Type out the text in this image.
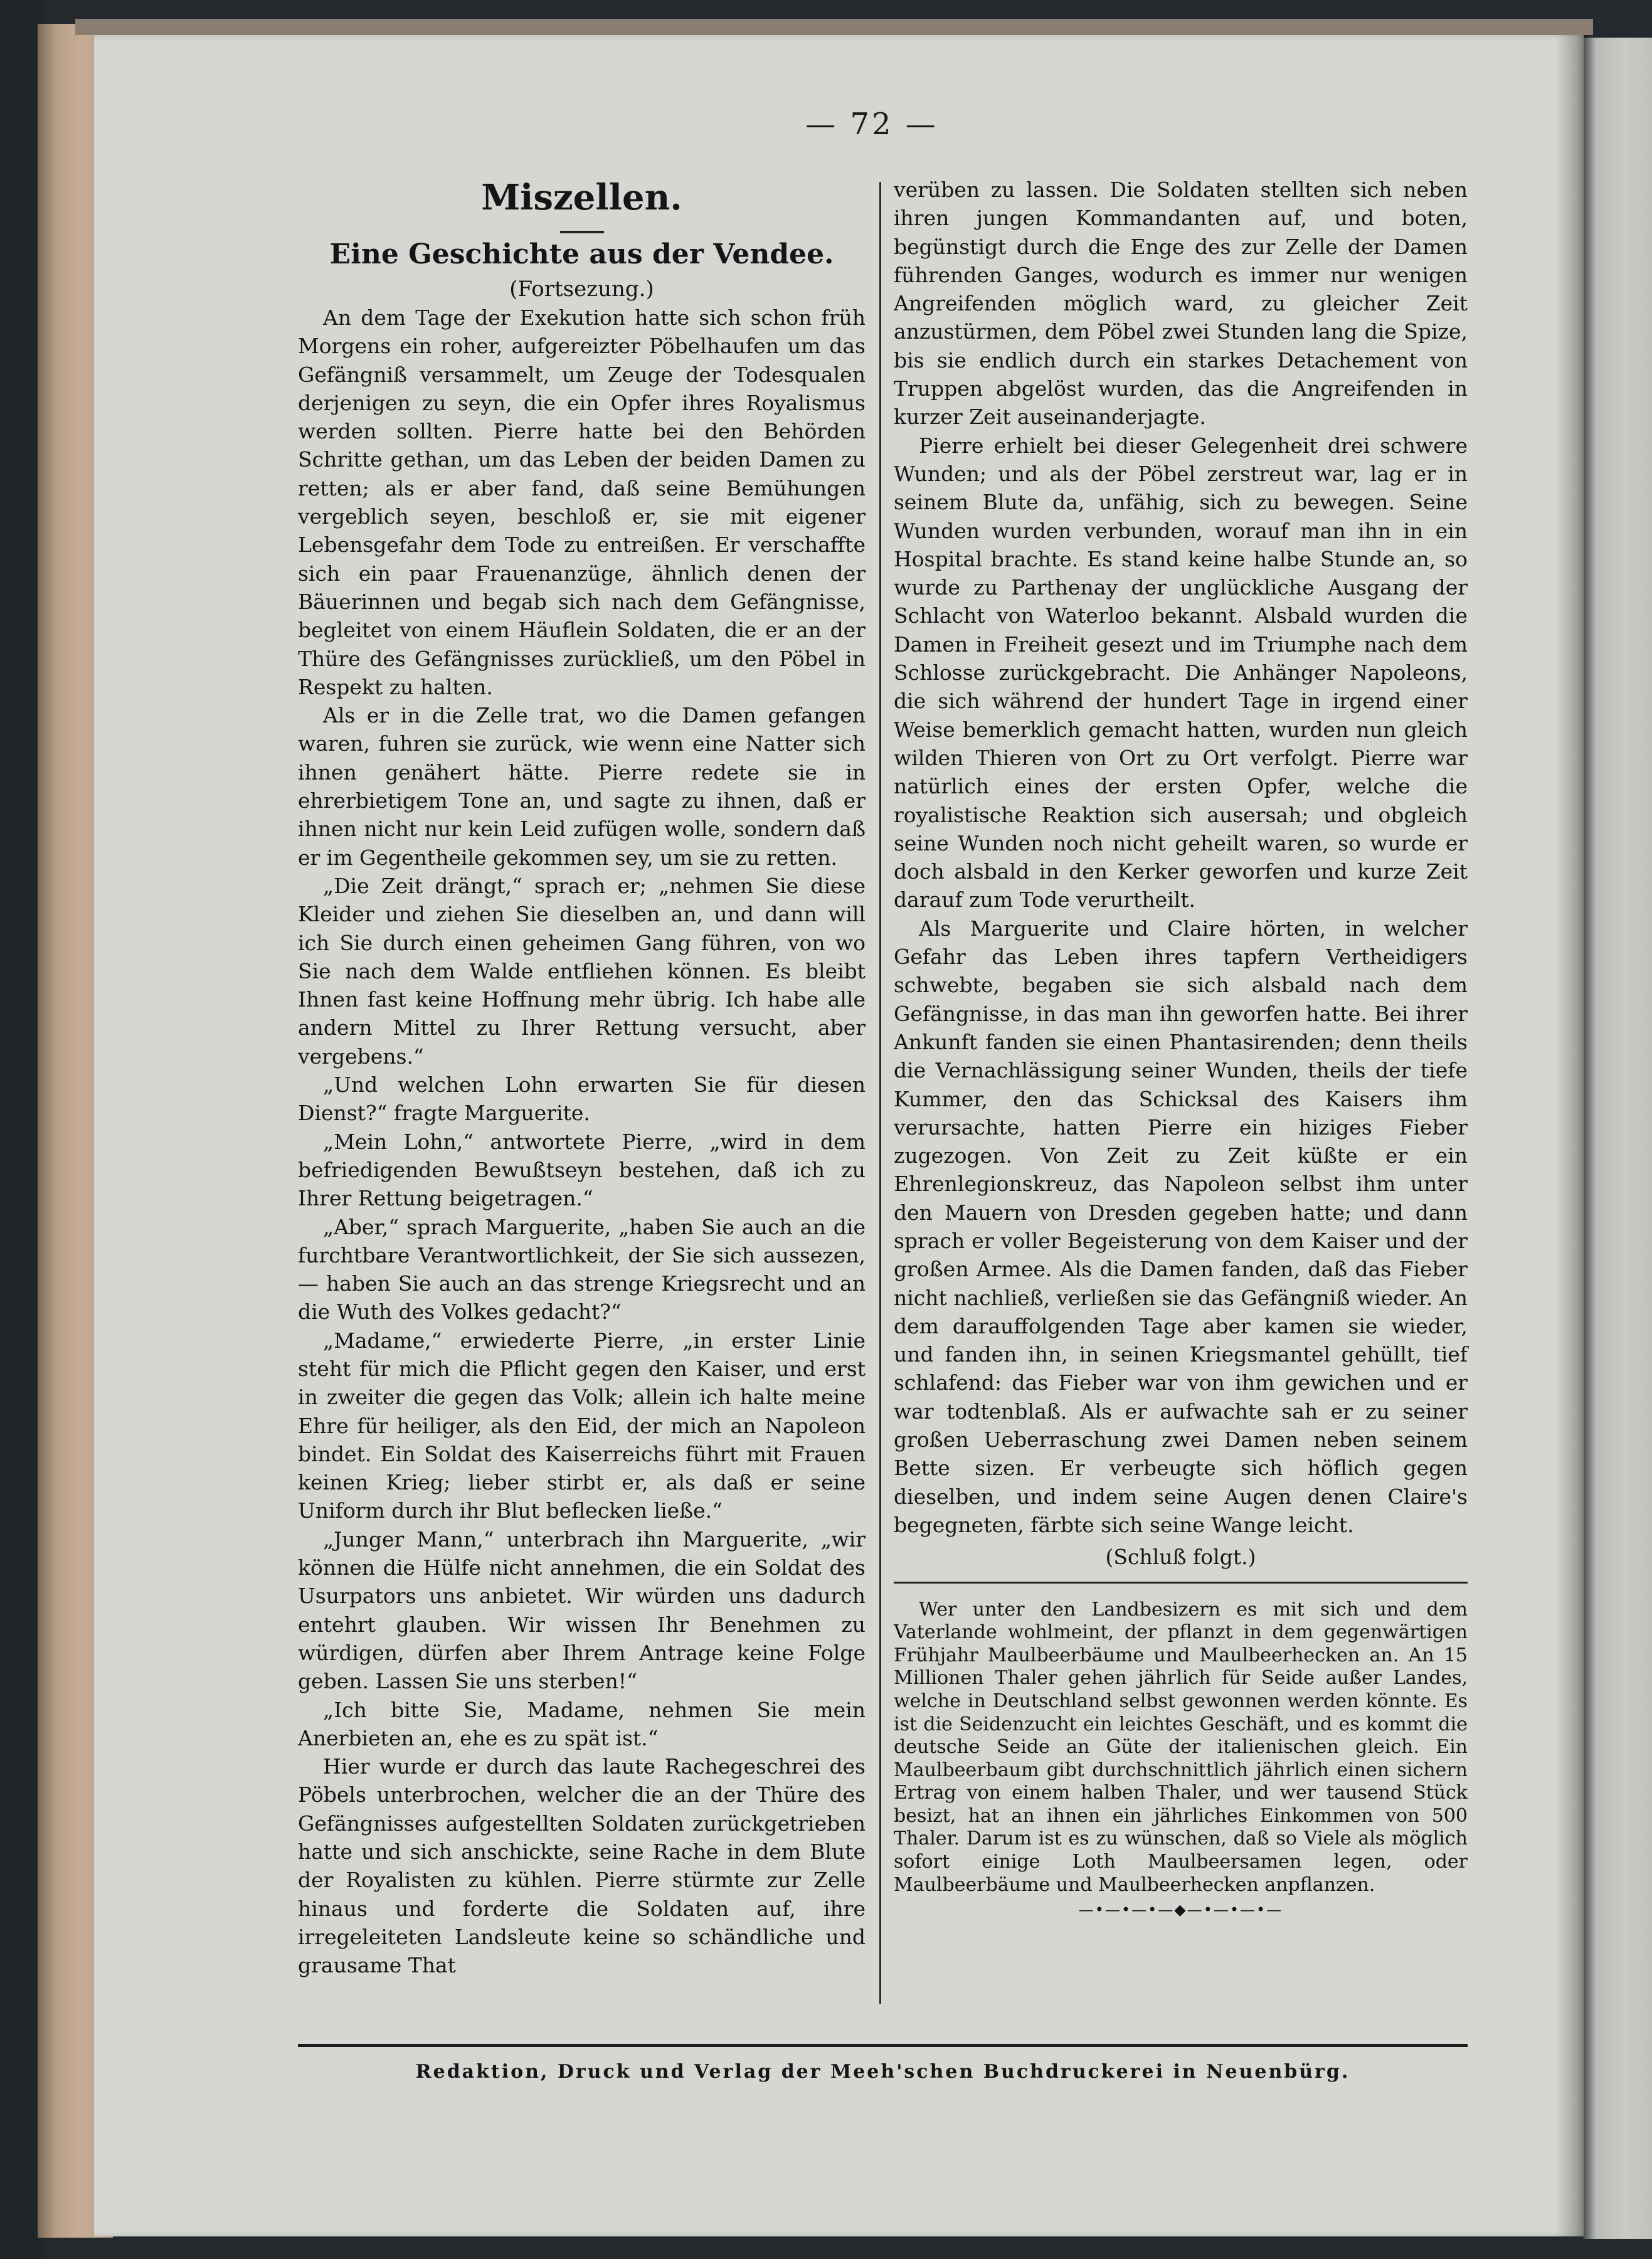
— 72 —
Miszellen.
Eine Geschichte aus der Vendee.
(Fortsezung.)

An dem Tage der Exekution hatte sich schon früh Morgens ein roher, aufgereizter Pöbelhaufen um das Gefängniß versammelt, um Zeuge der Todesqualen derjenigen zu seyn, die ein Opfer ihres Royalismus werden sollten. Pierre hatte bei den Behörden Schritte gethan, um das Leben der beiden Damen zu retten; als er aber fand, daß seine Bemühungen vergeblich seyen, beschloß er, sie mit eigener Lebensgefahr dem Tode zu entreißen. Er verschaffte sich ein paar Frauenanzüge, ähnlich denen der Bäuerinnen und begab sich nach dem Gefängnisse, begleitet von einem Häuflein Soldaten, die er an der Thüre des Gefängnisses zurückließ, um den Pöbel in Respekt zu halten.

Als er in die Zelle trat, wo die Damen gefangen waren, fuhren sie zurück, wie wenn eine Natter sich ihnen genähert hätte. Pierre redete sie in ehrerbietigem Tone an, und sagte zu ihnen, daß er ihnen nicht nur kein Leid zufügen wolle, sondern daß er im Gegentheile gekommen sey, um sie zu retten.

„Die Zeit drängt,“ sprach er; „nehmen Sie diese Kleider und ziehen Sie dieselben an, und dann will ich Sie durch einen geheimen Gang führen, von wo Sie nach dem Walde entfliehen können. Es bleibt Ihnen fast keine Hoffnung mehr übrig. Ich habe alle andern Mittel zu Ihrer Rettung versucht, aber vergebens.“

„Und welchen Lohn erwarten Sie für diesen Dienst?“ fragte Marguerite.

„Mein Lohn,“ antwortete Pierre, „wird in dem befriedigenden Bewußtseyn bestehen, daß ich zu Ihrer Rettung beigetragen.“

„Aber,“ sprach Marguerite, „haben Sie auch an die furchtbare Verantwortlichkeit, der Sie sich aussezen, — haben Sie auch an das strenge Kriegsrecht und an die Wuth des Volkes gedacht?“

„Madame,“ erwiederte Pierre, „in erster Linie steht für mich die Pflicht gegen den Kaiser, und erst in zweiter die gegen das Volk; allein ich halte meine Ehre für heiliger, als den Eid, der mich an Napoleon bindet. Ein Soldat des Kaiserreichs führt mit Frauen keinen Krieg; lieber stirbt er, als daß er seine Uniform durch ihr Blut beflecken ließe.“

„Junger Mann,“ unterbrach ihn Marguerite, „wir können die Hülfe nicht annehmen, die ein Soldat des Usurpators uns anbietet. Wir würden uns dadurch entehrt glauben. Wir wissen Ihr Benehmen zu würdigen, dürfen aber Ihrem Antrage keine Folge geben. Lassen Sie uns sterben!“

„Ich bitte Sie, Madame, nehmen Sie mein Anerbieten an, ehe es zu spät ist.“

Hier wurde er durch das laute Rachegeschrei des Pöbels unterbrochen, welcher die an der Thüre des Gefängnisses aufgestellten Soldaten zurückgetrieben hatte und sich anschickte, seine Rache in dem Blute der Royalisten zu kühlen. Pierre stürmte zur Zelle hinaus und forderte die Soldaten auf, ihre irregeleiteten Landsleute keine so schändliche und grausame That

verüben zu lassen. Die Soldaten stellten sich neben ihren jungen Kommandanten auf, und boten, begünstigt durch die Enge des zur Zelle der Damen führenden Ganges, wodurch es immer nur wenigen Angreifenden möglich ward, zu gleicher Zeit anzustürmen, dem Pöbel zwei Stunden lang die Spize, bis sie endlich durch ein starkes Detachement von Truppen abgelöst wurden, das die Angreifenden in kurzer Zeit auseinanderjagte.

Pierre erhielt bei dieser Gelegenheit drei schwere Wunden; und als der Pöbel zerstreut war, lag er in seinem Blute da, unfähig, sich zu bewegen. Seine Wunden wurden verbunden, worauf man ihn in ein Hospital brachte. Es stand keine halbe Stunde an, so wurde zu Parthenay der unglückliche Ausgang der Schlacht von Waterloo bekannt. Alsbald wurden die Damen in Freiheit gesezt und im Triumphe nach dem Schlosse zurückgebracht. Die Anhänger Napoleons, die sich während der hundert Tage in irgend einer Weise bemerklich gemacht hatten, wurden nun gleich wilden Thieren von Ort zu Ort verfolgt. Pierre war natürlich eines der ersten Opfer, welche die royalistische Reaktion sich ausersah; und obgleich seine Wunden noch nicht geheilt waren, so wurde er doch alsbald in den Kerker geworfen und kurze Zeit darauf zum Tode verurtheilt.

Als Marguerite und Claire hörten, in welcher Gefahr das Leben ihres tapfern Vertheidigers schwebte, begaben sie sich alsbald nach dem Gefängnisse, in das man ihn geworfen hatte. Bei ihrer Ankunft fanden sie einen Phantasirenden; denn theils die Vernachlässigung seiner Wunden, theils der tiefe Kummer, den das Schicksal des Kaisers ihm verursachte, hatten Pierre ein hiziges Fieber zugezogen. Von Zeit zu Zeit küßte er ein Ehrenlegionskreuz, das Napoleon selbst ihm unter den Mauern von Dresden gegeben hatte; und dann sprach er voller Begeisterung von dem Kaiser und der großen Armee. Als die Damen fanden, daß das Fieber nicht nachließ, verließen sie das Gefängniß wieder. An dem darauffolgenden Tage aber kamen sie wieder, und fanden ihn, in seinen Kriegsmantel gehüllt, tief schlafend: das Fieber war von ihm gewichen und er war todtenblaß. Als er aufwachte sah er zu seiner großen Ueberraschung zwei Damen neben seinem Bette sizen. Er verbeugte sich höflich gegen dieselben, und indem seine Augen denen Claire's begegneten, färbte sich seine Wange leicht.

(Schluß folgt.)

Wer unter den Landbesizern es mit sich und dem Vaterlande wohlmeint, der pflanzt in dem gegenwärtigen Frühjahr Maulbeerbäume und Maulbeerhecken an. An 15 Millionen Thaler gehen jährlich für Seide außer Landes, welche in Deutschland selbst gewonnen werden könnte. Es ist die Seidenzucht ein leichtes Geschäft, und es kommt die deutsche Seide an Güte der italienischen gleich. Ein Maulbeerbaum gibt durchschnittlich jährlich einen sichern Ertrag von einem halben Thaler, und wer tausend Stück besizt, hat an ihnen ein jährliches Einkommen von 500 Thaler. Darum ist es zu wünschen, daß so Viele als möglich sofort einige Loth Maulbeersamen legen, oder Maulbeerbäume und Maulbeerhecken anpflanzen.

—•—•—•—◆—•—•—•—
Redaktion, Druck und Verlag der Meeh'schen Buchdruckerei in Neuenbürg.
